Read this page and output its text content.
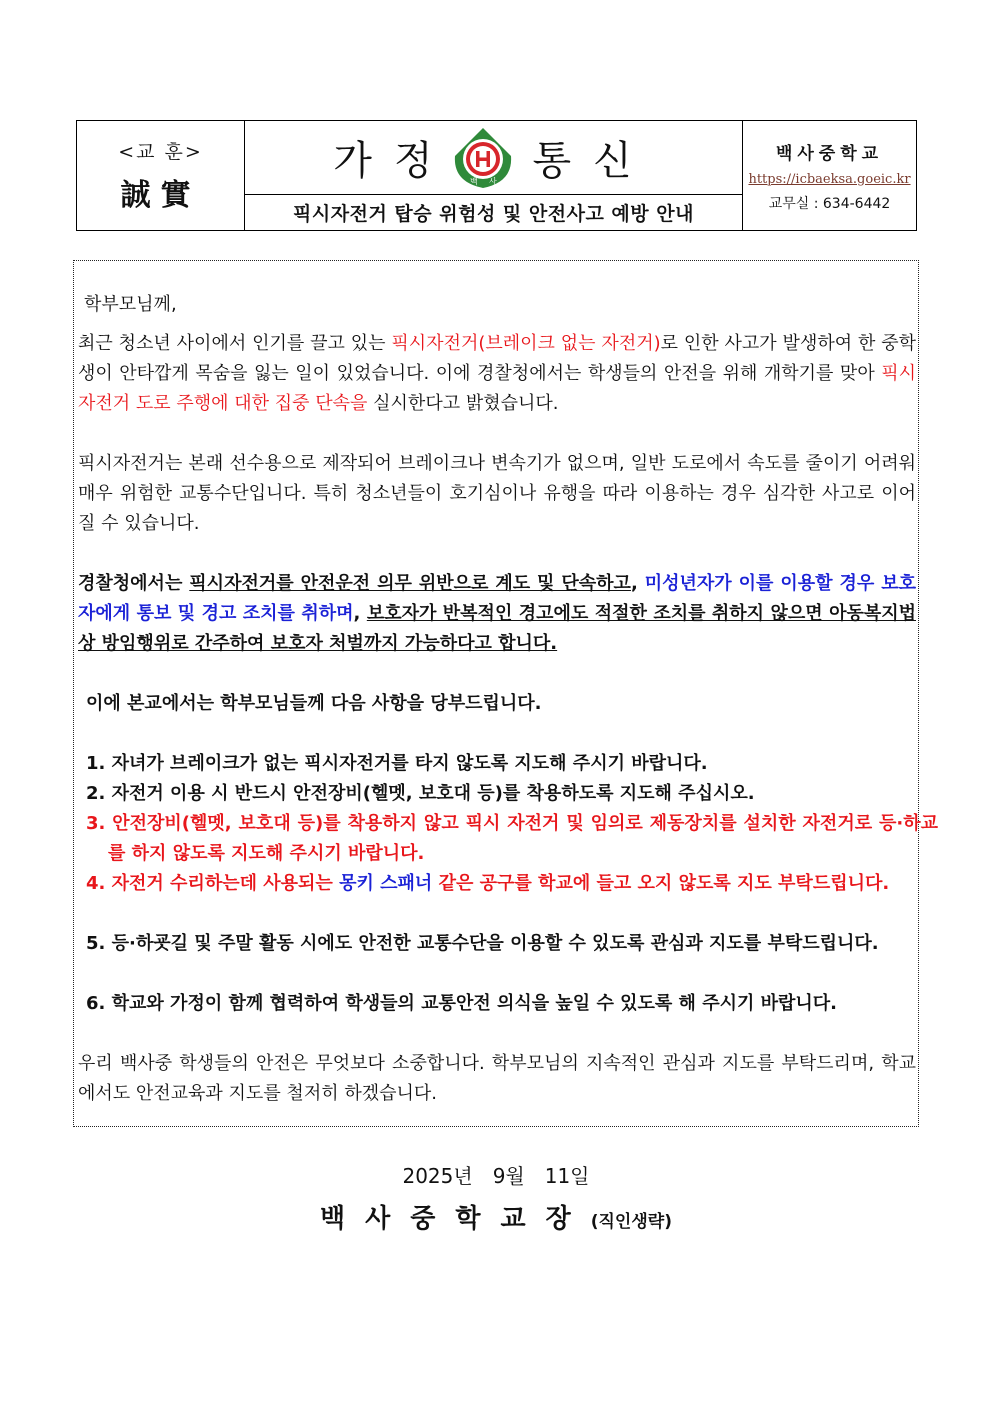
<교 훈>
誠實
가정 백 사 통신
픽시자전거 탑승 위험성 및 안전사고 예방 안내
백사중학교
https://icbaeksa.goeic.kr
교무실 : 634-6442
학부모님께,
최근 청소년 사이에서 인기를 끌고 있는 픽시자전거(브레이크 없는 자전거)로 인한 사고가 발생하여 한 중학생이 안타깝게 목숨을 잃는 일이 있었습니다. 이에 경찰청에서는 학생들의 안전을 위해 개학기를 맞아 픽시자전거 도로 주행에 대한 집중 단속을 실시한다고 밝혔습니다.
픽시자전거는 본래 선수용으로 제작되어 브레이크나 변속기가 없으며, 일반 도로에서 속도를 줄이기 어려워 매우 위험한 교통수단입니다. 특히 청소년들이 호기심이나 유행을 따라 이용하는 경우 심각한 사고로 이어질 수 있습니다.
경찰청에서는 픽시자전거를 안전운전 의무 위반으로 계도 및 단속하고, 미성년자가 이를 이용할 경우 보호자에게 통보 및 경고 조치를 취하며, 보호자가 반복적인 경고에도 적절한 조치를 취하지 않으면 아동복지법상 방임행위로 간주하여 보호자 처벌까지 가능하다고 합니다.
이에 본교에서는 학부모님들께 다음 사항을 당부드립니다.
1. 자녀가 브레이크가 없는 픽시자전거를 타지 않도록 지도해 주시기 바랍니다.
2. 자전거 이용 시 반드시 안전장비(헬멧, 보호대 등)를 착용하도록 지도해 주십시오.
3. 안전장비(헬멧, 보호대 등)를 착용하지 않고 픽시 자전거 및 임의로 제동장치를 설치한 자전거로 등·하교를 하지 않도록 지도해 주시기 바랍니다.
4. 자전거 수리하는데 사용되는 몽키 스패너 같은 공구를 학교에 들고 오지 않도록 지도 부탁드립니다.
5. 등·하굣길 및 주말 활동 시에도 안전한 교통수단을 이용할 수 있도록 관심과 지도를 부탁드립니다.
6. 학교와 가정이 함께 협력하여 학생들의 교통안전 의식을 높일 수 있도록 해 주시기 바랍니다.
우리 백사중 학생들의 안전은 무엇보다 소중합니다. 학부모님의 지속적인 관심과 지도를 부탁드리며, 학교에서도 안전교육과 지도를 철저히 하겠습니다.
2025년 9월 11일
백사중학교장(직인생략)
